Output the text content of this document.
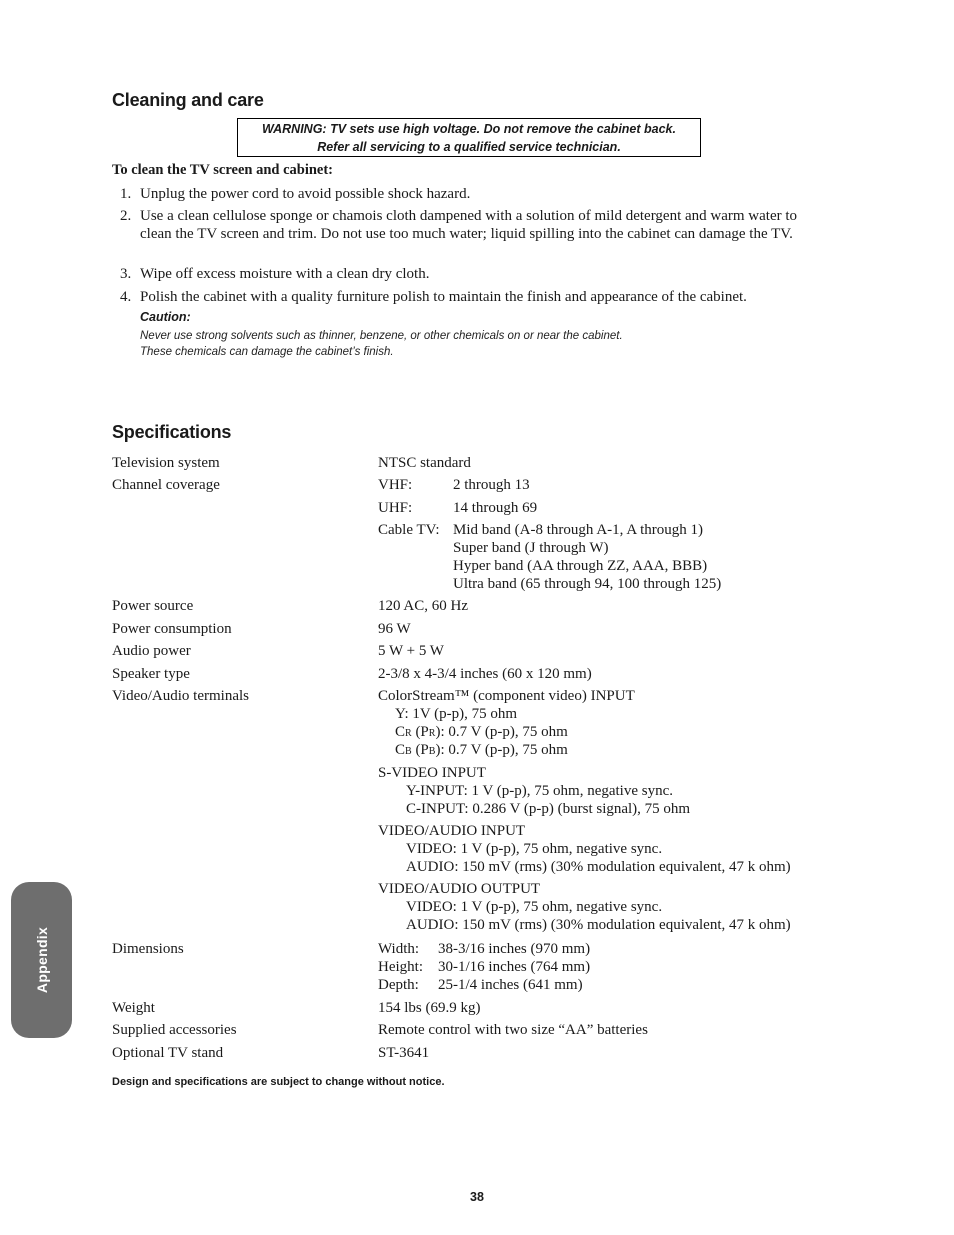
Cleaning and care
WARNING: TV sets use high voltage. Do not remove the cabinet back.
Refer all servicing to a qualified service technician.
To clean the TV screen and cabinet:
1. Unplug the power cord to avoid possible shock hazard.
2. Use a clean cellulose sponge or chamois cloth dampened with a solution of mild detergent and warm water to clean the TV screen and trim. Do not use too much water; liquid spilling into the cabinet can damage the TV.
3. Wipe off excess moisture with a clean dry cloth.
4. Polish the cabinet with a quality furniture polish to maintain the finish and appearance of the cabinet.
Caution:
Never use strong solvents such as thinner, benzene, or other chemicals on or near the cabinet.
These chemicals can damage the cabinet’s finish.
Specifications
Television system	NTSC standard
Channel coverage	VHF:	2 through 13
UHF:	14 through 69
Cable TV: Mid band (A-8 through A-1, A through 1)
Super band (J through W)
Hyper band (AA through ZZ, AAA, BBB)
Ultra band (65 through 94, 100 through 125)
Power source	120 AC, 60 Hz
Power consumption	96 W
Audio power	5 W + 5 W
Speaker type	2-3/8 x 4-3/4 inches (60 x 120 mm)
Video/Audio terminals	ColorStream™ (component video) INPUT
Y: 1V (p-p), 75 ohm
CR (PR): 0.7 V (p-p), 75 ohm
CB (PB): 0.7 V (p-p), 75 ohm
S-VIDEO INPUT
Y-INPUT: 1 V (p-p), 75 ohm, negative sync.
C-INPUT: 0.286 V (p-p) (burst signal), 75 ohm
VIDEO/AUDIO INPUT
VIDEO: 1 V (p-p), 75 ohm, negative sync.
AUDIO: 150 mV (rms) (30% modulation equivalent, 47 k ohm)
VIDEO/AUDIO OUTPUT
VIDEO: 1 V (p-p), 75 ohm, negative sync.
AUDIO: 150 mV (rms) (30% modulation equivalent, 47 k ohm)
Dimensions	Width: 38-3/16 inches (970 mm)
Height: 30-1/16 inches (764 mm)
Depth: 25-1/4 inches (641 mm)
Weight	154 lbs (69.9 kg)
Supplied accessories	Remote control with two size “AA” batteries
Optional TV stand	ST-3641
Design and specifications are subject to change without notice.
Appendix
38
